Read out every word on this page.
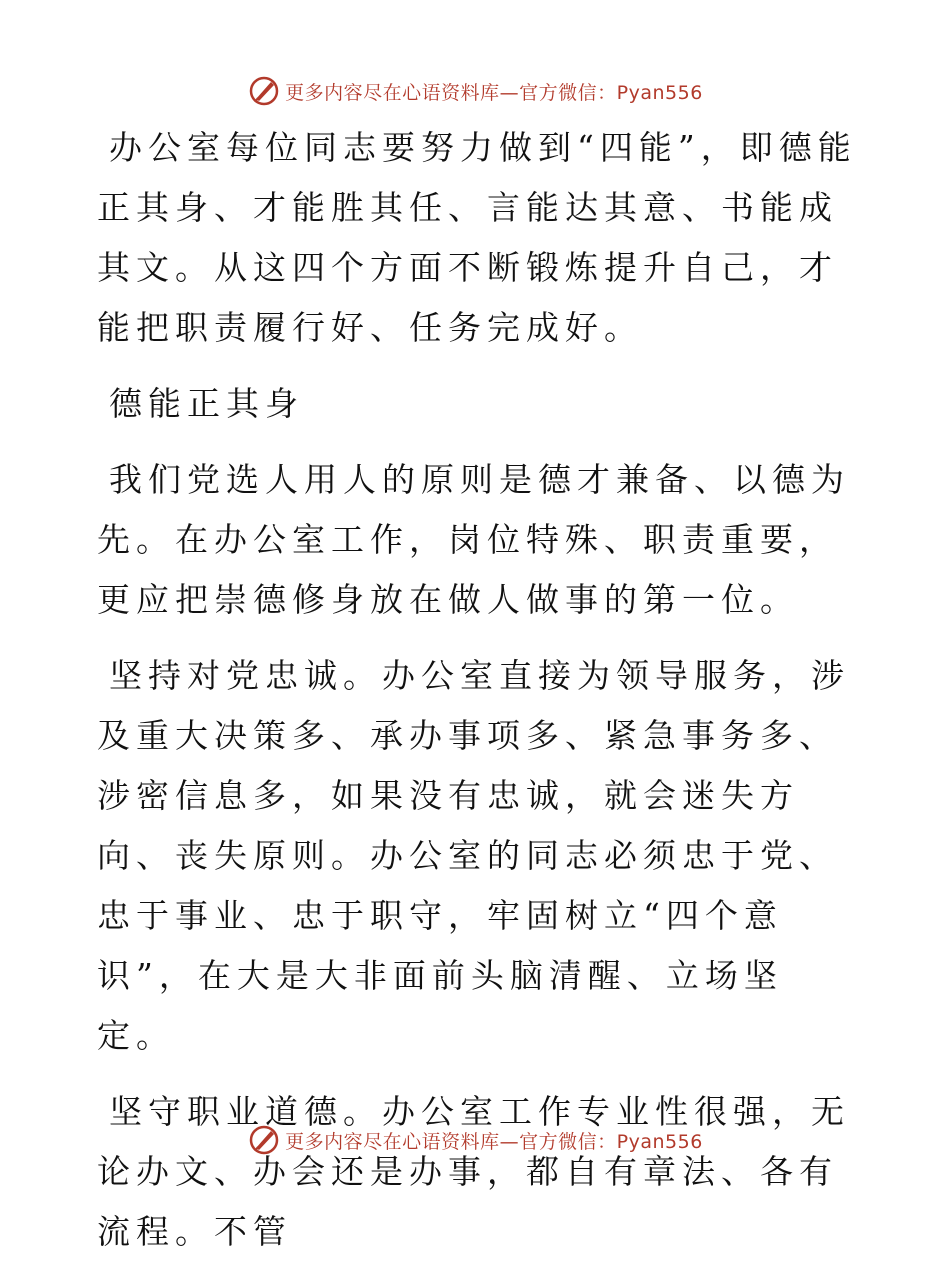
更多内容尽在心语资料库—官方微信：Pyan556

办公室每位同志要努力做到“四能”，即德能正其身、才能胜其任、言能达其意、书能成其文。从这四个方面不断锻炼提升自己，才能把职责履行好、任务完成好。

德能正其身

我们党选人用人的原则是德才兼备、以德为先。在办公室工作，岗位特殊、职责重要，更应把崇德修身放在做人做事的第一位。

坚持对党忠诚。办公室直接为领导服务，涉及重大决策多、承办事项多、紧急事务多、涉密信息多，如果没有忠诚，就会迷失方向、丧失原则。办公室的同志必须忠于党、忠于事业、忠于职守，牢固树立“四个意识”，在大是大非面前头脑清醒、立场坚定。

坚守职业道德。办公室工作专业性很强，无论办文、办会还是办事，都自有章法、各有流程。不管

更多内容尽在心语资料库—官方微信：Pyan556
